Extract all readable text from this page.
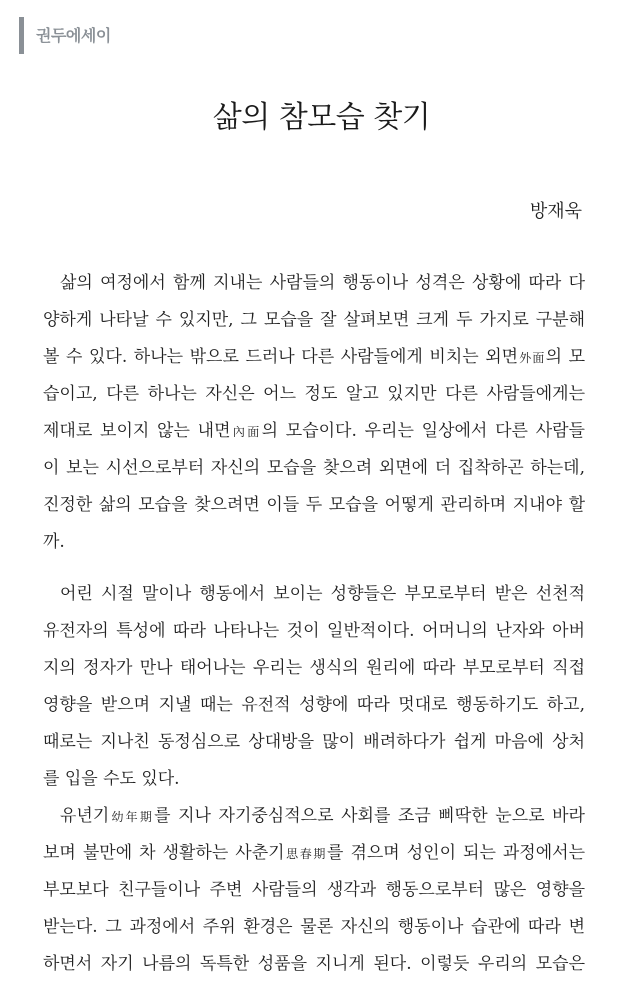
권두에세이
삶의 참모습 찾기
방재욱
삶의 여정에서 함께 지내는 사람들의 행동이나 성격은 상황에 따라 다
양하게 나타날 수 있지만, 그 모습을 잘 살펴보면 크게 두 가지로 구분해
볼 수 있다. 하나는 밖으로 드러나 다른 사람들에게 비치는 외면外面의 모
습이고, 다른 하나는 자신은 어느 정도 알고 있지만 다른 사람들에게는
제대로 보이지 않는 내면內面의 모습이다. 우리는 일상에서 다른 사람들
이 보는 시선으로부터 자신의 모습을 찾으려 외면에 더 집착하곤 하는데,
진정한 삶의 모습을 찾으려면 이들 두 모습을 어떻게 관리하며 지내야 할
까.
어린 시절 말이나 행동에서 보이는 성향들은 부모로부터 받은 선천적
유전자의 특성에 따라 나타나는 것이 일반적이다. 어머니의 난자와 아버
지의 정자가 만나 태어나는 우리는 생식의 원리에 따라 부모로부터 직접
영향을 받으며 지낼 때는 유전적 성향에 따라 멋대로 행동하기도 하고,
때로는 지나친 동정심으로 상대방을 많이 배려하다가 쉽게 마음에 상처
를 입을 수도 있다.
유년기幼年期를 지나 자기중심적으로 사회를 조금 삐딱한 눈으로 바라
보며 불만에 차 생활하는 사춘기思春期를 겪으며 성인이 되는 과정에서는
부모보다 친구들이나 주변 사람들의 생각과 행동으로부터 많은 영향을
받는다. 그 과정에서 주위 환경은 물론 자신의 행동이나 습관에 따라 변
하면서 자기 나름의 독특한 성품을 지니게 된다. 이렇듯 우리의 모습은
